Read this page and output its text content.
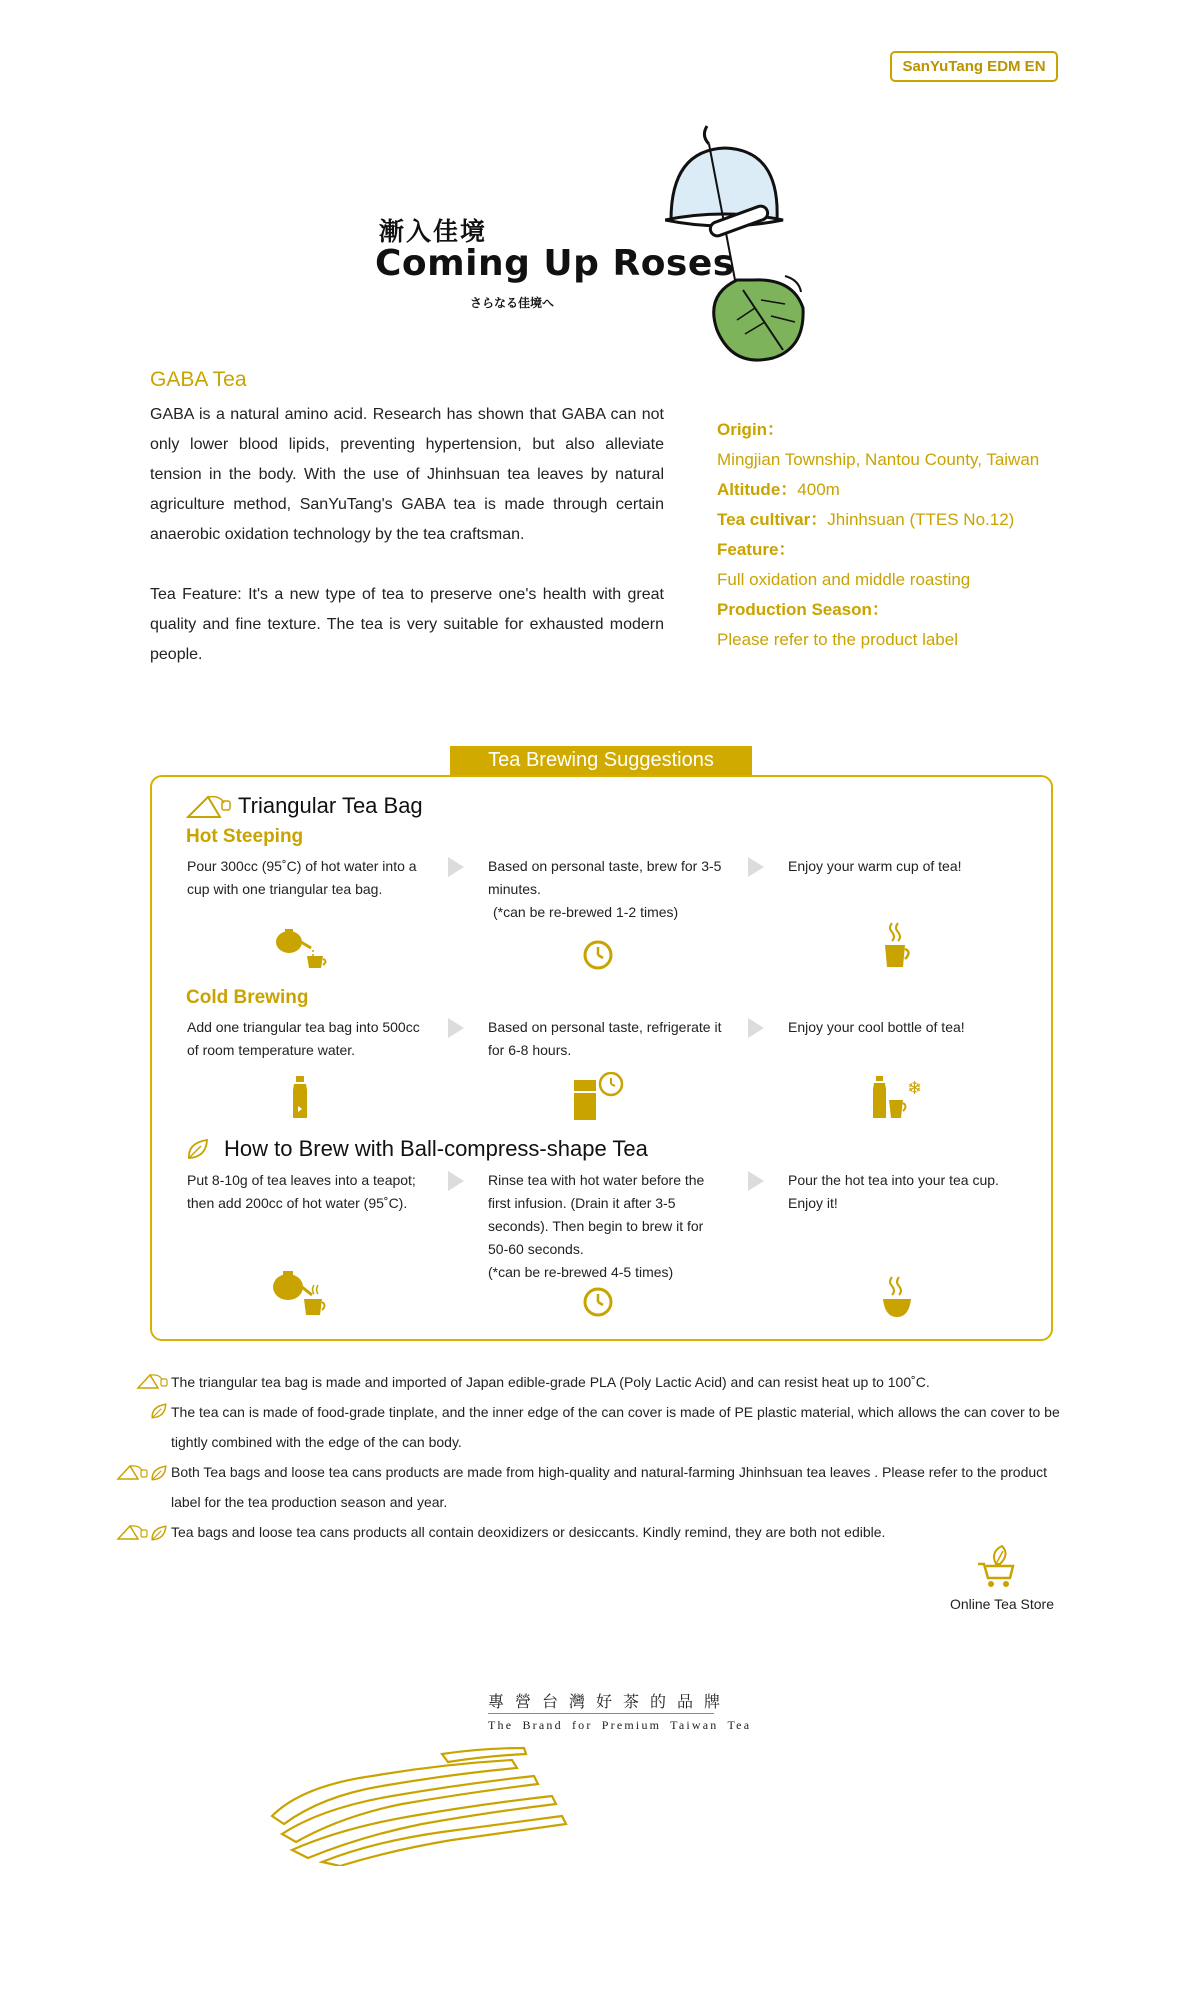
SanYuTang EDM EN
漸入佳境
Coming Up Roses
さらなる佳境へ
GABA Tea

GABA is a natural amino acid. Research has shown that GABA can not only lower blood lipids, preventing hypertension, but also alleviate tension in the body. With the use of Jhinhsuan tea leaves by natural agriculture method, SanYuTang's GABA tea is made through certain anaerobic oxidation technology by the tea craftsman.

Tea Feature: It's a new type of tea to preserve one's health with great quality and fine texture. The tea is very suitable for exhausted modern people.

Origin：
Mingjian Township, Nantou County, Taiwan
Altitude：400m
Tea cultivar：Jhinhsuan (TTES No.12)
Feature：
Full oxidation and middle roasting
Production Season：
Please refer to the product label
Tea Brewing Suggestions
Triangular Tea Bag
Hot Steeping
Pour 300cc (95˚C) of hot water into a cup with one triangular tea bag.
Based on personal taste, brew for 3-5 minutes.
(*can be re-brewed 1-2 times)
Enjoy your warm cup of tea!
Cold Brewing
Add one triangular tea bag into 500cc of room temperature water.
Based on personal taste, refrigerate it for 6-8 hours.
Enjoy your cool bottle of tea!
❄
How to Brew with Ball-compress-shape Tea
Put 8-10g of tea leaves into a teapot; then add 200cc of hot water (95˚C).
Rinse tea with hot water before the first infusion. (Drain it after 3-5 seconds). Then begin to brew it for 50-60 seconds.
(*can be re-brewed 4-5 times)
Pour the hot tea into your tea cup. Enjoy it!
The triangular tea bag is made and imported of Japan edible-grade PLA (Poly Lactic Acid) and can resist heat up to 100˚C.
The tea can is made of food-grade tinplate, and the inner edge of the can cover is made of PE plastic material, which allows the can cover to be tightly combined with the edge of the can body.
Both Tea bags and loose tea cans products are made from high-quality and natural-farming Jhinhsuan tea leaves . Please refer to the product label for the tea production season and year.
Tea bags and loose tea cans products all contain deoxidizers or desiccants. Kindly remind, they are both not edible.
Online Tea Store
專營台灣好茶的品牌
The Brand for Premium Taiwan Tea
